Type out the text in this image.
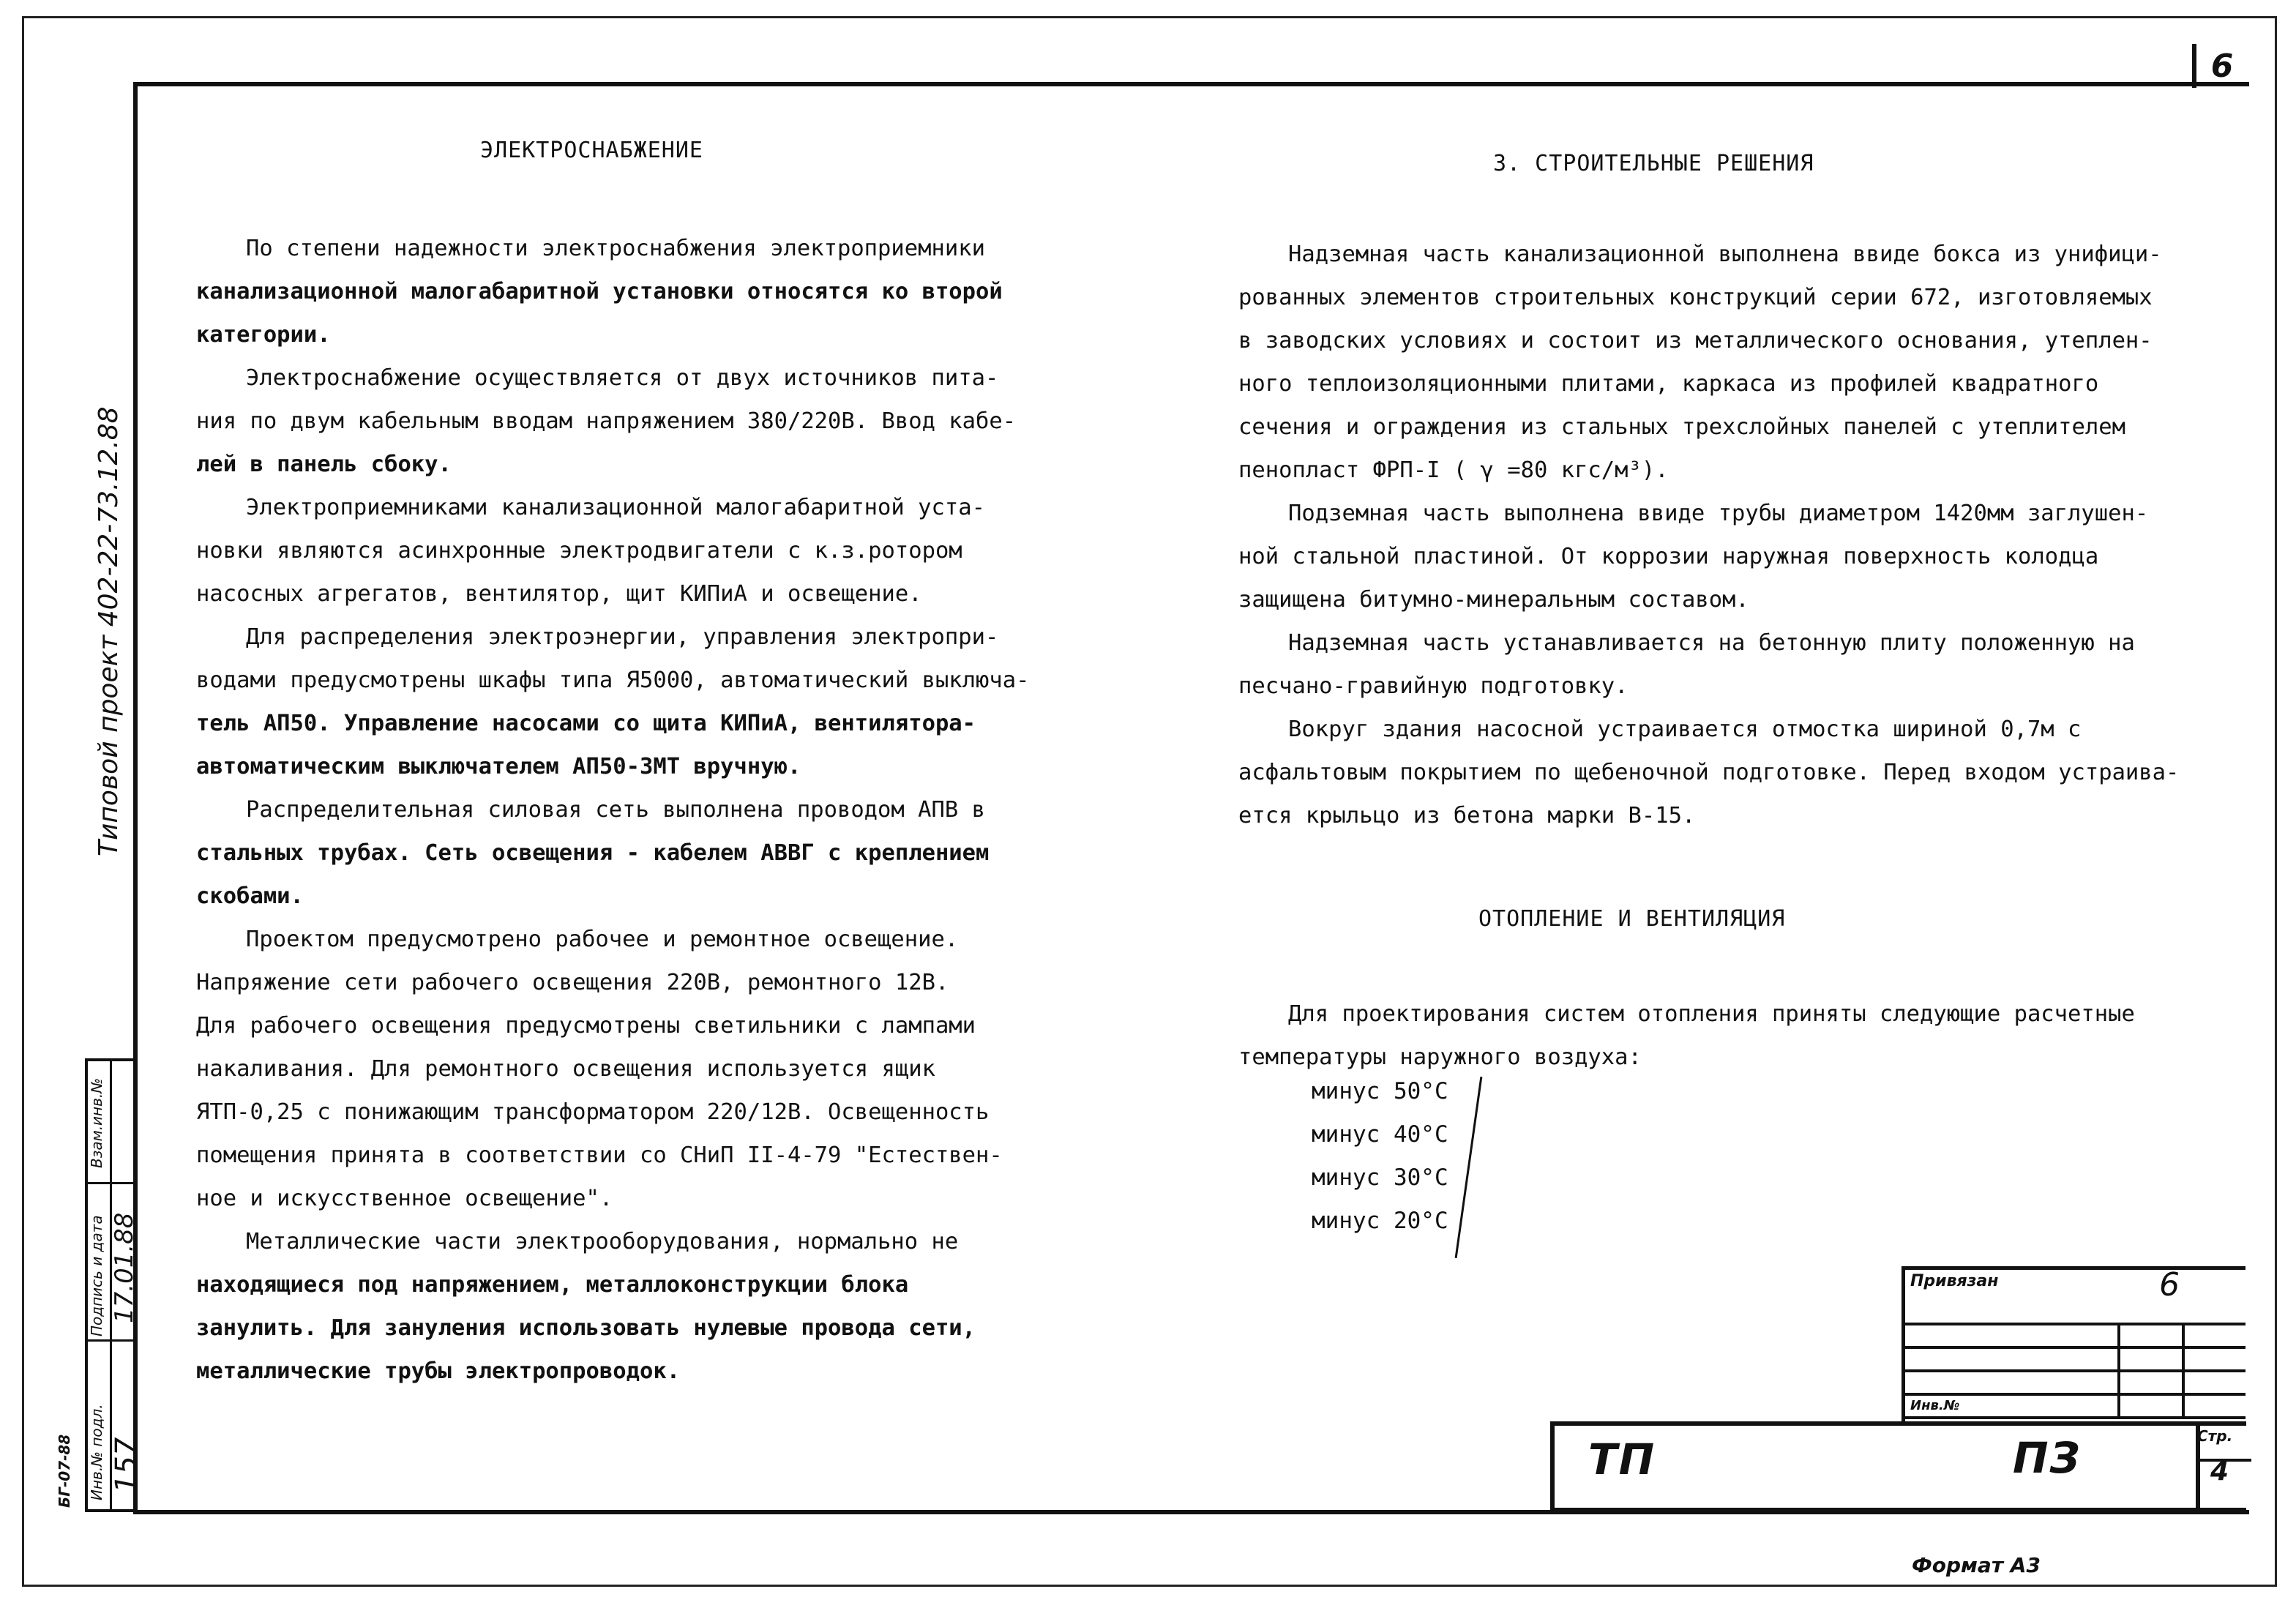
6
Типовой проект 402-22-73.12.88
Взам.инв.№
Подпись и дата 17.01.88
Инв.№ подл. 157
БГ-07-88
ЭЛЕКТРОСНАБЖЕНИЕ
По степени надежности электроснабжения электроприемники
канализационной малогабаритной установки относятся ко второй
категории.
Электроснабжение осуществляется от двух источников пита-
ния по двум кабельным вводам напряжением 380/220В. Ввод кабе-
лей в панель сбоку.
Электроприемниками канализационной малогабаритной уста-
новки являются асинхронные электродвигатели с к.з.ротором
насосных агрегатов, вентилятор, щит КИПиА и освещение.
Для распределения электроэнергии, управления электропри-
водами предусмотрены шкафы типа Я5000, автоматический выключа-
тель АП50. Управление насосами со щита КИПиА, вентилятора-
автоматическим выключателем АП50-3МТ вручную.
Распределительная силовая сеть выполнена проводом АПВ в
стальных трубах. Сеть освещения - кабелем АВВГ с креплением
скобами.
Проектом предусмотрено рабочее и ремонтное освещение.
Напряжение сети рабочего освещения 220В, ремонтного 12В.
Для рабочего освещения предусмотрены светильники с лампами
накаливания. Для ремонтного освещения используется ящик
ЯТП-0,25 с понижающим трансформатором 220/12В. Освещенность
помещения принята в соответствии со СНиП II-4-79 "Естествен-
ное и искусственное освещение".
Металлические части электрооборудования, нормально не
находящиеся под напряжением, металлоконструкции блока
занулить. Для зануления использовать нулевые провода сети,
металлические трубы электропроводок.
3. СТРОИТЕЛЬНЫЕ РЕШЕНИЯ
Надземная часть канализационной выполнена ввиде бокса из унифици-
рованных элементов строительных конструкций серии 672, изготовляемых
в заводских условиях и состоит из металлического основания, утеплен-
ного теплоизоляционными плитами, каркаса из профилей квадратного
сечения и ограждения из стальных трехслойных панелей с утеплителем
пенопласт ФРП-I ( γ =80 кгс/м³).
Подземная часть выполнена ввиде трубы диаметром 1420мм заглушен-
ной стальной пластиной. От коррозии наружная поверхность колодца
защищена битумно-минеральным составом.
Надземная часть устанавливается на бетонную плиту положенную на
песчано-гравийную подготовку.
Вокруг здания насосной устраивается отмостка шириной 0,7м с
асфальтовым покрытием по щебеночной подготовке. Перед входом устраива-
ется крыльцо из бетона марки В-15.
ОТОПЛЕНИЕ И ВЕНТИЛЯЦИЯ
Для проектирования систем отопления приняты следующие расчетные
температуры наружного воздуха:
минус 50°C
минус 40°C
минус 30°C
минус 20°C
Привязан	6
Инв.№
ТП	ПЗ	Стр.
4
Формат А3
